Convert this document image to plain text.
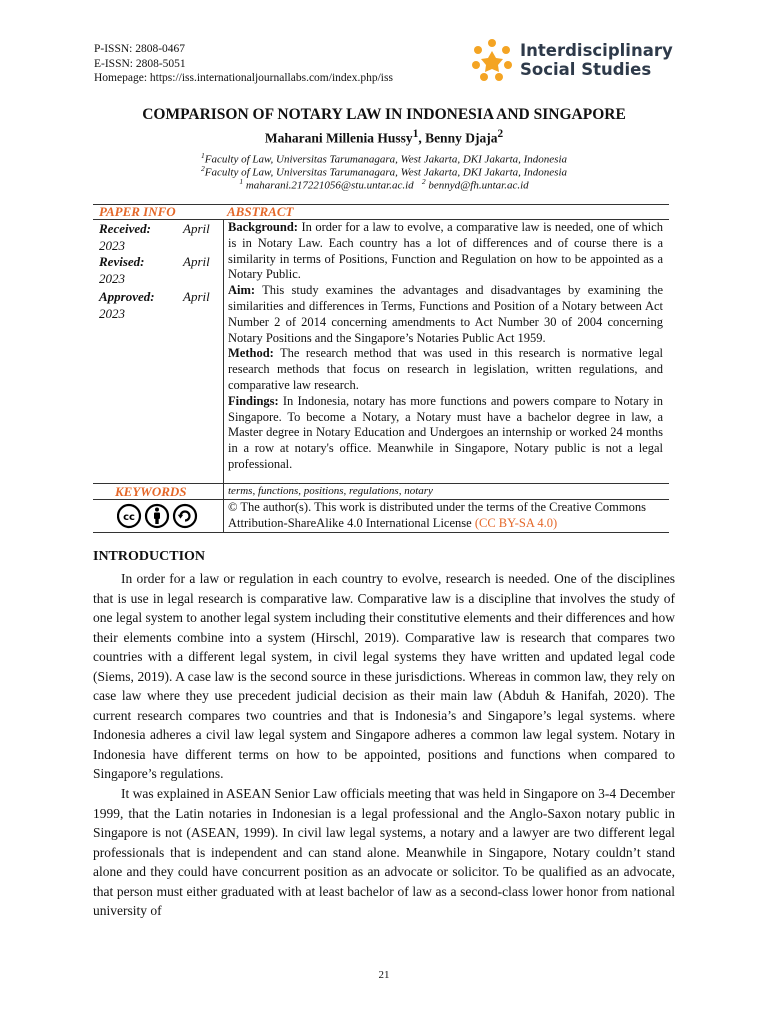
P-ISSN: 2808-0467
E-ISSN: 2808-5051
Homepage: https://iss.internationaljournallabs.com/index.php/iss
Interdisciplinary
Social Studies
COMPARISON OF NOTARY LAW IN INDONESIA AND SINGAPORE
Maharani Millenia Hussy$^1$, Benny Djaja$^2$
$^1$Faculty of Law, Universitas Tarumanagara, West Jakarta, DKI Jakarta, Indonesia
$^2$Faculty of Law, Universitas Tarumanagara, West Jakarta, DKI Jakarta, Indonesia
$^1$ maharani.217221056@stu.untar.ac.id $^2$ bennyd@fh.untar.ac.id
PAPER INFO	ABSTRACT
Received: April
2023
Revised:	April
2023
Approved: April
2023

Background: In order for a law to evolve, a comparative law is needed, one of which is in Notary Law. Each country has a lot of differences and of course there is a similarity in terms of Positions, Function and Regulation on how to be appointed as a Notary Public.

Aim: This study examines the advantages and disadvantages by examining the similarities and differences in Terms, Functions and Position of a Notary between Act Number 2 of 2014 concerning amendments to Act Number 30 of 2004 concerning Notary Positions and the Singapore’s Notaries Public Act 1959.

Method: The research method that was used in this research is normative legal research methods that focus on research in legislation, written regulations, and comparative law research.

Findings: In Indonesia, notary has more functions and powers compare to Notary in Singapore. To become a Notary, a Notary must have a bachelor degree in law, a Master degree in Notary Education and Undergoes an internship or worked 24 months in a row at notary's office. Meanwhile in Singapore, Notary public is not a legal professional.

KEYWORDS	terms, functions, positions, regulations, notary
cc
© The author(s). This work is distributed under the terms of the Creative Commons Attribution-ShareAlike 4.0 International License (CC BY-SA 4.0)
INTRODUCTION

In order for a law or regulation in each country to evolve, research is needed. One of the disciplines that is use in legal research is comparative law. Comparative law is a discipline that involves the study of one legal system to another legal system including their constitutive elements and their differences and how their elements combine into a system (Hirschl, 2019). Comparative law is research that compares two countries with a different legal system, in civil legal systems they have written and updated legal code (Siems, 2019). A case law is the second source in these jurisdictions. Whereas in common law, they rely on case law where they use precedent judicial decision as their main law (Abduh & Hanifah, 2020). The current research compares two countries and that is Indonesia’s and Singapore’s legal systems. where Indonesia adheres a civil law legal system and Singapore adheres a common law legal system. Notary in Indonesia have different terms on how to be appointed, positions and functions when compared to Singapore’s regulations.

It was explained in ASEAN Senior Law officials meeting that was held in Singapore on 3-4 December 1999, that the Latin notaries in Indonesian is a legal professional and the Anglo-Saxon notary public in Singapore is not (ASEAN, 1999). In civil law legal systems, a notary and a lawyer are two different legal professionals that is independent and can stand alone. Meanwhile in Singapore, Notary couldn’t stand alone and they could have concurrent position as an advocate or solicitor. To be qualified as an advocate, that person must either graduated with at least bachelor of law as a second-class lower honor from national university of

21
